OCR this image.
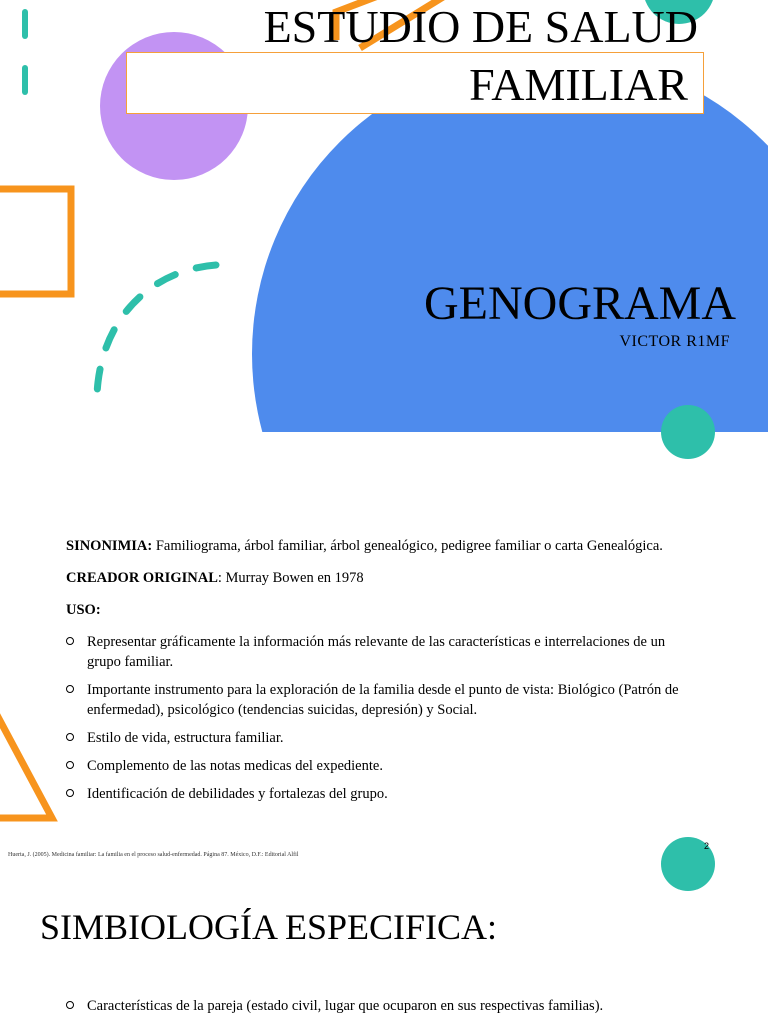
ESTUDIO DE SALUD
FAMILIAR
GENOGRAMA
VICTOR R1MF

SINONIMIA: Familiograma, árbol familiar, árbol genealógico, pedigree familiar o carta Genealógica.

CREADOR ORIGINAL: Murray Bowen en 1978

USO:

Representar gráficamente la información más relevante de las características e interrelaciones de un grupo familiar.
Importante instrumento para la exploración de la familia desde el punto de vista: Biológico (Patrón de enfermedad), psicológico (tendencias suicidas, depresión) y Social.
Estilo de vida, estructura familiar.
Complemento de las notas medicas del expediente.
Identificación de debilidades y fortalezas del grupo.
2
Huerta, J. (2005). Medicina familiar: La familia en el proceso salud-enfermedad. Página 87. México, D.F.: Editorial Alfil
SIMBIOLOGÍA ESPECIFICA:
Características de la pareja (estado civil, lugar que ocuparon en sus respectivas familias).
